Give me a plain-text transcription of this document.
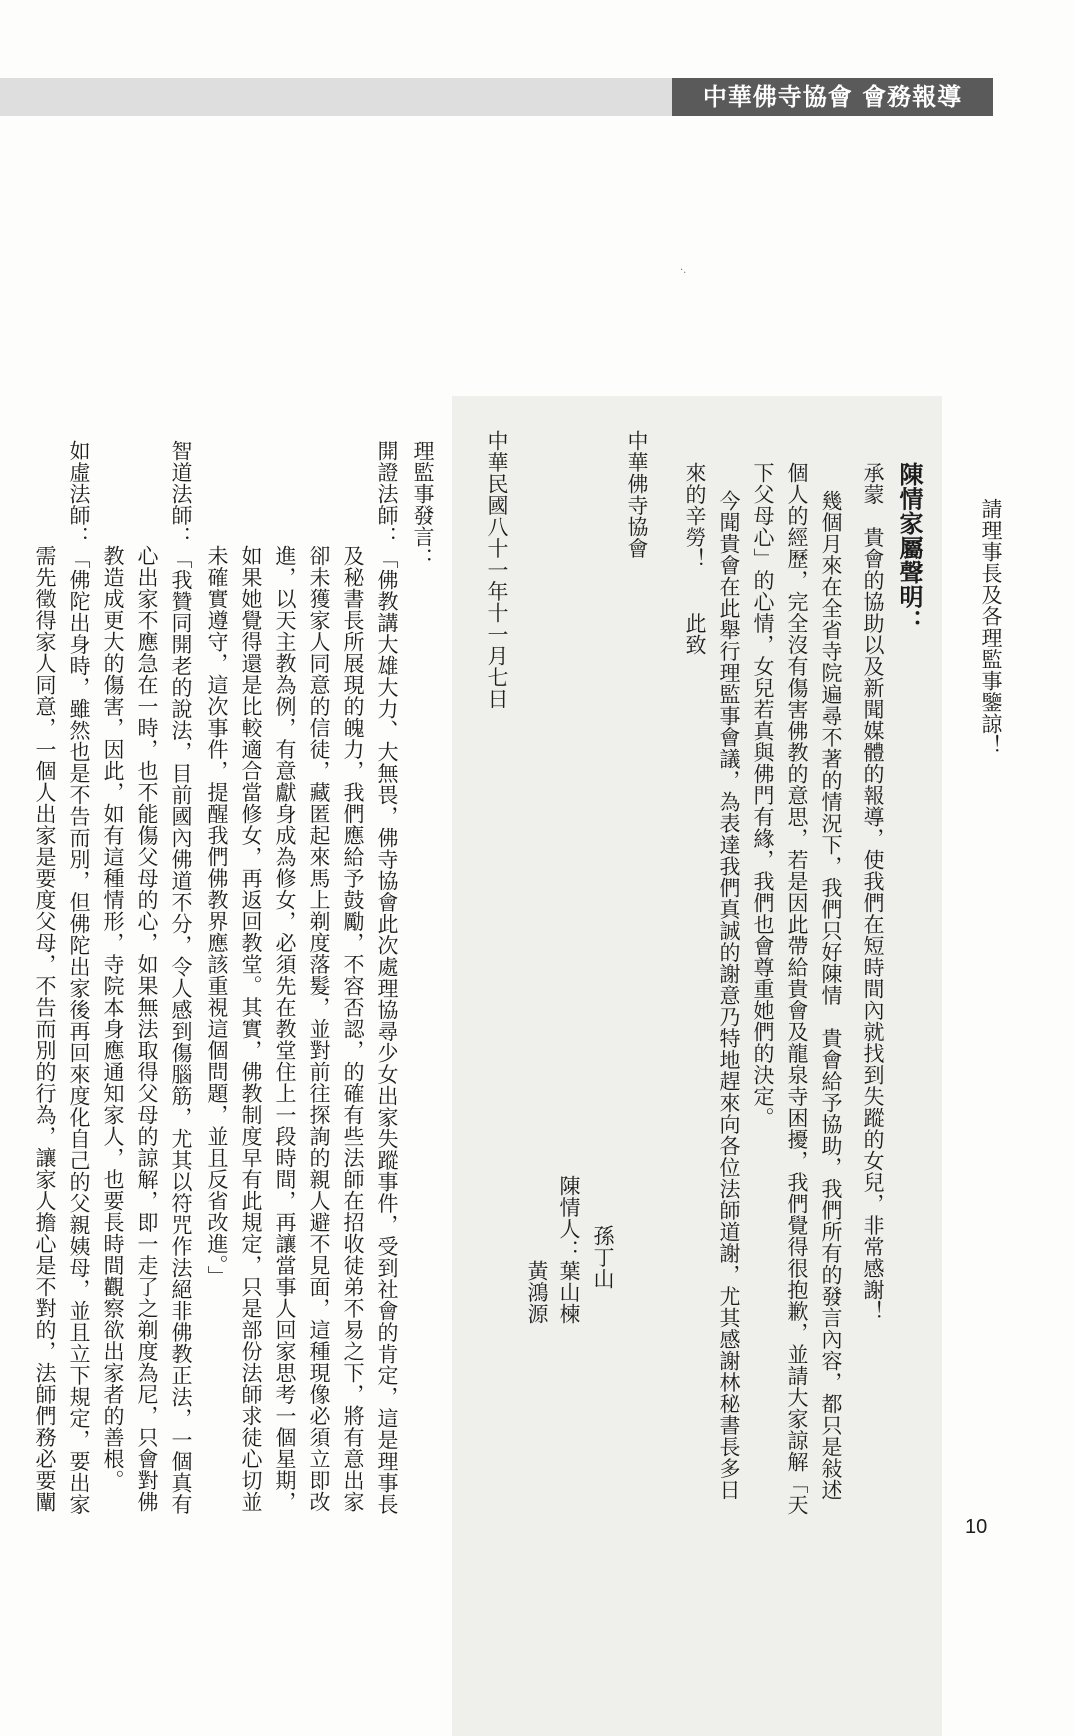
中華佛寺協會 會務報導
·.
請理事長及各理監事鑒諒！
陳情家屬聲明：
承蒙　貴會的協助以及新聞媒體的報導，使我們在短時間內就找到失蹤的女兒，非常感謝！
幾個月來在全省寺院遍尋不著的情況下，我們只好陳情　貴會給予協助，我們所有的發言內容，都只是敍述
個人的經歷，完全沒有傷害佛教的意思，若是因此帶給貴會及龍泉寺困擾，我們覺得很抱歉，並請大家諒解「天
下父母心」的心情，女兒若真與佛門有緣，我們也會尊重她們的決定。
今聞貴會在此舉行理監事會議，為表達我們真誠的謝意乃特地趕來向各位法師道謝，尤其感謝林秘書長多日
來的辛勞！　　此致
中華佛寺協會
陳情人： 孫丁山
葉山楝
黃鴻源
中華民國八十一年十一月七日
理監事發言：
開證法師：「佛教講大雄大力、大無畏，佛寺協會此次處理協尋少女出家失蹤事件，受到社會的肯定，這是理事長
及秘書長所展現的魄力，我們應給予鼓勵，不容否認，的確有些法師在招收徒弟不易之下，將有意出家
卻未獲家人同意的信徒，藏匿起來馬上剃度落髮，並對前往探詢的親人避不見面，這種現像必須立即改
進，以天主教為例，有意獻身成為修女，必須先在教堂住上一段時間，再讓當事人回家思考一個星期，
如果她覺得還是比較適合當修女，再返回教堂。其實，佛教制度早有此規定，只是部份法師求徒心切並
未確實遵守，這次事件，提醒我們佛教界應該重視這個問題，並且反省改進。」
智道法師：「我贊同開老的說法，目前國內佛道不分，令人感到傷腦筋，尤其以符咒作法絕非佛教正法，一個真有
心出家不應急在一時，也不能傷父母的心，如果無法取得父母的諒解，即一走了之剃度為尼，只會對佛
教造成更大的傷害，因此，如有這種情形，寺院本身應通知家人，也要長時間觀察欲出家者的善根。
如虛法師：「佛陀出身時，雖然也是不告而別，但佛陀出家後再回來度化自己的父親姨母，並且立下規定，要出家
需先徵得家人同意，一個人出家是要度父母，不告而別的行為，讓家人擔心是不對的，法師們務必要闡
10
